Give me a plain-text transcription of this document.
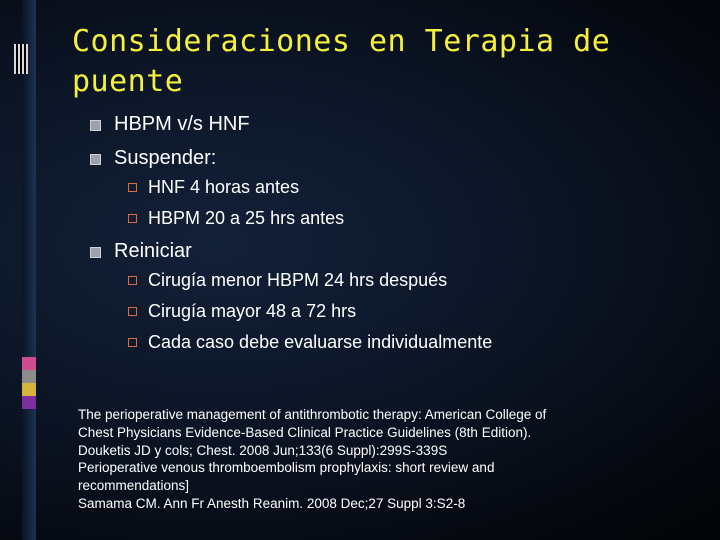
Consideraciones en Terapia de puente
HBPM v/s HNF
Suspender:
HNF 4 horas antes
HBPM 20 a 25 hrs antes
Reiniciar
Cirugía menor HBPM 24 hrs después
Cirugía mayor 48 a 72 hrs
Cada caso debe evaluarse individualmente
The perioperative management of antithrombotic therapy: American College of
Chest Physicians Evidence-Based Clinical Practice Guidelines (8th Edition).
Douketis JD y cols; Chest. 2008 Jun;133(6 Suppl):299S-339S
Perioperative venous thromboembolism prophylaxis: short review and
recommendations]
Samama CM. Ann Fr Anesth Reanim. 2008 Dec;27 Suppl 3:S2-8
